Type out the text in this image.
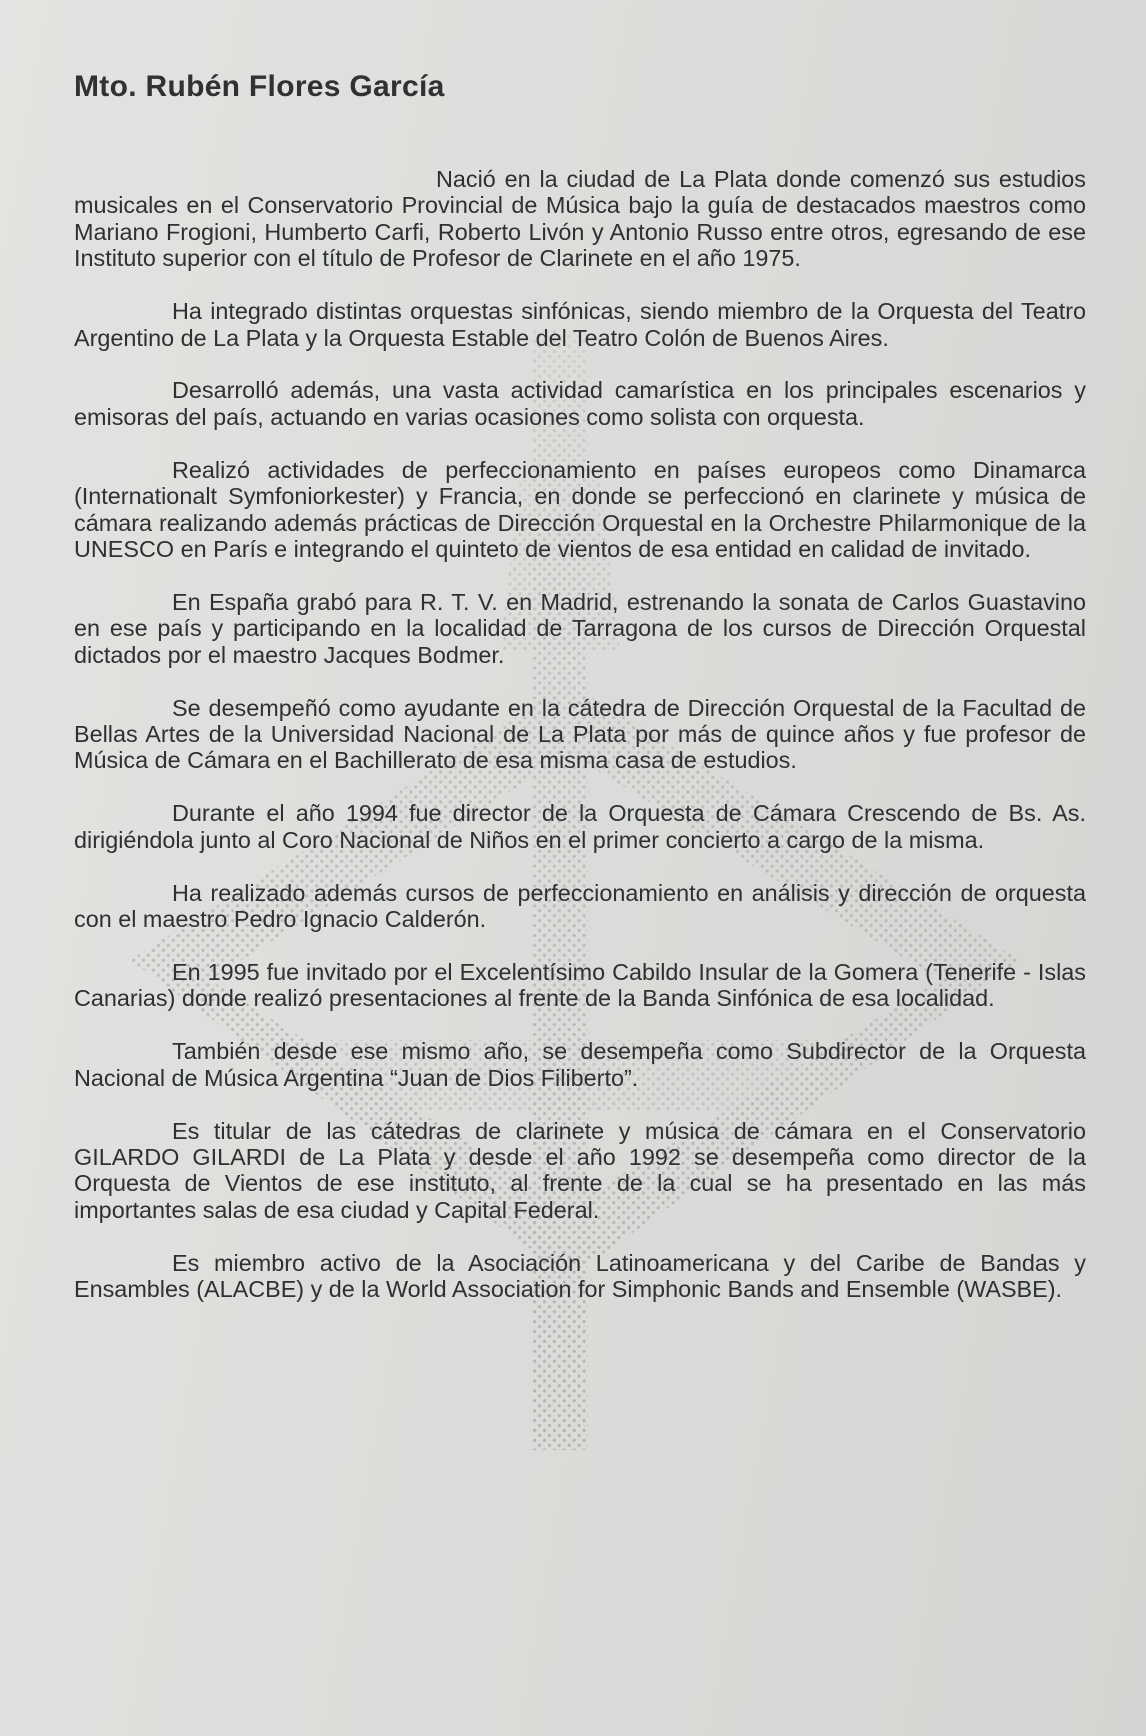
Mto. Rubén Flores García

Nació en la ciudad de La Plata donde comenzó sus estudios musicales en el Conservatorio Provincial de Música bajo la guía de destacados maestros como Mariano Frogioni, Humberto Carfi, Roberto Livón y Antonio Russo entre otros, egresando de ese Instituto superior con el título de Profesor de Clarinete en el año 1975.

Ha integrado distintas orquestas sinfónicas, siendo miembro de la Orquesta del Teatro Argentino de La Plata y la Orquesta Estable del Teatro Colón de Buenos Aires.

Desarrolló además, una vasta actividad camarística en los principales escenarios y emisoras del país, actuando en varias ocasiones como solista con orquesta.

Realizó actividades de perfeccionamiento en países europeos como Dinamarca (Internationalt Symfoniorkester) y Francia, en donde se perfeccionó en clarinete y música de cámara realizando además prácticas de Dirección Orquestal en la Orchestre Philarmonique de la UNESCO en París e integrando el quinteto de vientos de esa entidad en calidad de invitado.

En España grabó para R. T. V. en Madrid, estrenando la sonata de Carlos Guastavino en ese país y participando en la localidad de Tarragona de los cursos de Dirección Orquestal dictados por el maestro Jacques Bodmer.

Se desempeñó como ayudante en la cátedra de Dirección Orquestal de la Facultad de Bellas Artes de la Universidad Nacional de La Plata por más de quince años y fue profesor de Música de Cámara en el Bachillerato de esa misma casa de estudios.

Durante el año 1994 fue director de la Orquesta de Cámara Crescendo de Bs. As. dirigiéndola junto al Coro Nacional de Niños en el primer concierto a cargo de la misma.

Ha realizado además cursos de perfeccionamiento en análisis y dirección de orquesta con el maestro Pedro Ignacio Calderón.

En 1995 fue invitado por el Excelentísimo Cabildo Insular de la Gomera (Tenerife - Islas Canarias) donde realizó presentaciones al frente de la Banda Sinfónica de esa localidad.

También desde ese mismo año, se desempeña como Subdirector de la Orquesta Nacional de Música Argentina “Juan de Dios Filiberto”.

Es titular de las cátedras de clarinete y música de cámara en el Conservatorio GILARDO GILARDI de La Plata y desde el año 1992 se desempeña como director de la Orquesta de Vientos de ese instituto, al frente de la cual se ha presentado en las más importantes salas de esa ciudad y Capital Federal.

Es miembro activo de la Asociación Latinoamericana y del Caribe de Bandas y Ensambles (ALACBE) y de la World Association for Simphonic Bands and Ensemble (WASBE).
